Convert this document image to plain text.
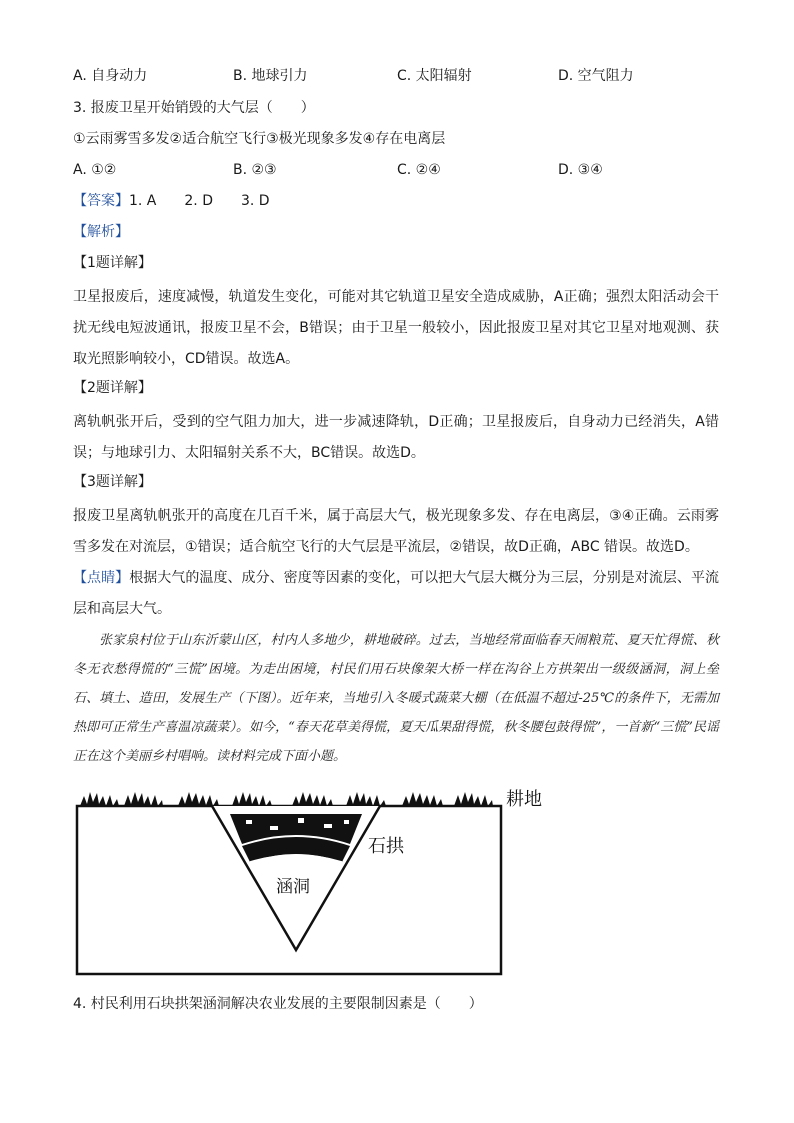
A. 自身动力	B. 地球引力	C. 太阳辐射	D. 空气阻力
3. 报废卫星开始销毁的大气层（　　）
①云雨雾雪多发②适合航空飞行③极光现象多发④存在电离层
A. ①②	B. ②③	C. ②④	D. ③④
【答案】1. A　　2. D　　3. D
【解析】
【1题详解】
卫星报废后，速度减慢，轨道发生变化，可能对其它轨道卫星安全造成威胁，A正确；强烈太阳活动会干扰无线电短波通讯，报废卫星不会，B错误；由于卫星一般较小，因此报废卫星对其它卫星对地观测、获取光照影响较小，CD错误。故选A。
【2题详解】
离轨帆张开后，受到的空气阻力加大，进一步减速降轨，D正确；卫星报废后，自身动力已经消失，A错误；与地球引力、太阳辐射关系不大，BC错误。故选D。
【3题详解】
报废卫星离轨帆张开的高度在几百千米，属于高层大气，极光现象多发、存在电离层，③④正确。云雨雾雪多发在对流层，①错误；适合航空飞行的大气层是平流层，②错误，故D正确，ABC 错误。故选D。
【点睛】根据大气的温度、成分、密度等因素的变化，可以把大气层大概分为三层，分别是对流层、平流层和高层大气。
张家泉村位于山东沂蒙山区，村内人多地少，耕地破碎。过去，当地经常面临春天闹粮荒、夏天忙得慌、秋冬无衣愁得慌的“三慌”困境。为走出困境，村民们用石块像架大桥一样在沟谷上方拱架出一级级涵洞，洞上垒石、填土、造田，发展生产（下图）。近年来，当地引入冬暖式蔬菜大棚（在低温不超过-25℃的条件下，无需加热即可正常生产喜温凉蔬菜）。如今，“春天花草美得慌，夏天瓜果甜得慌，秋冬腰包鼓得慌”，一首新“三慌”民谣正在这个美丽乡村唱响。读材料完成下面小题。
耕地
石拱
涵洞
4. 村民利用石块拱架涵洞解决农业发展的主要限制因素是（　　）
